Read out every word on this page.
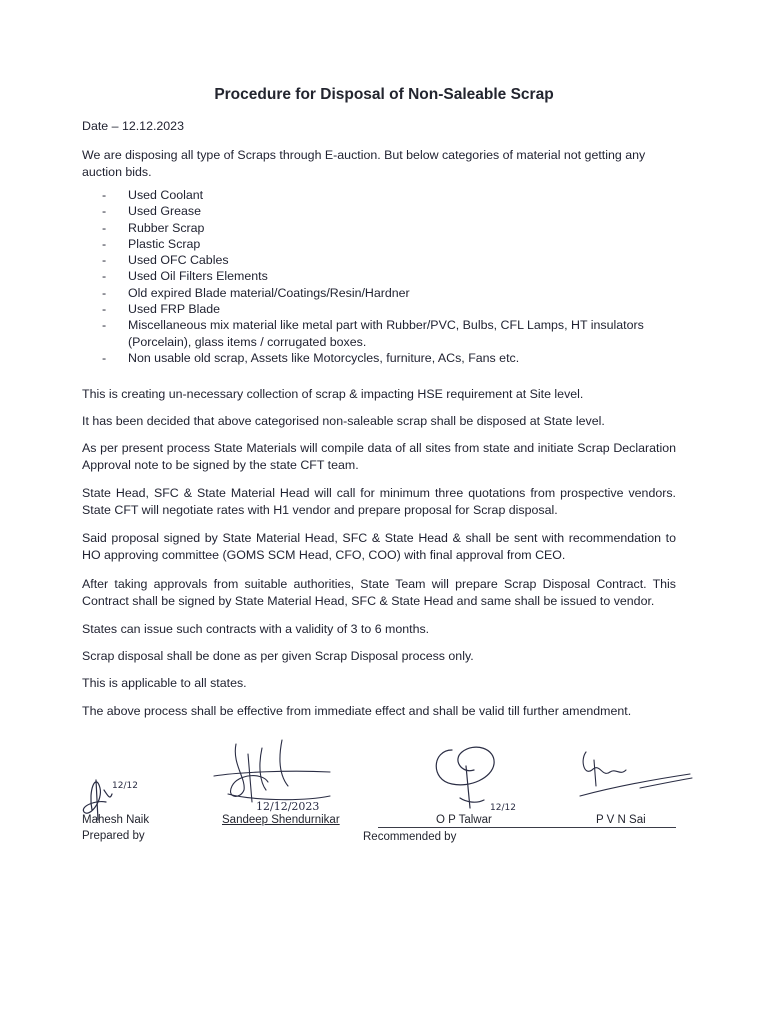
Procedure for Disposal of Non-Saleable Scrap
Date – 12.12.2023
We are disposing all type of Scraps through E-auction. But below categories of material not getting any auction bids.
- Used Coolant
- Used Grease
- Rubber Scrap
- Plastic Scrap
- Used OFC Cables
- Used Oil Filters Elements
- Old expired Blade material/Coatings/Resin/Hardner
- Used FRP Blade
- Miscellaneous mix material like metal part with Rubber/PVC, Bulbs, CFL Lamps, HT insulators (Porcelain), glass items / corrugated boxes.
- Non usable old scrap, Assets like Motorcycles, furniture, ACs, Fans etc.
This is creating un-necessary collection of scrap & impacting HSE requirement at Site level.
It has been decided that above categorised non-saleable scrap shall be disposed at State level.
As per present process State Materials will compile data of all sites from state and initiate Scrap Declaration Approval note to be signed by the state CFT team.
State Head, SFC & State Material Head will call for minimum three quotations from prospective vendors. State CFT will negotiate rates with H1 vendor and prepare proposal for Scrap disposal.
Said proposal signed by State Material Head, SFC & State Head & shall be sent with recommendation to HO approving committee (GOMS SCM Head, CFO, COO) with final approval from CEO.
After taking approvals from suitable authorities, State Team will prepare Scrap Disposal Contract. This Contract shall be signed by State Material Head, SFC & State Head and same shall be issued to vendor.
States can issue such contracts with a validity of 3 to 6 months.
Scrap disposal shall be done as per given Scrap Disposal process only.
This is applicable to all states.
The above process shall be effective from immediate effect and shall be valid till further amendment.
12/12
12/12/2023	12/12
Mahesh Naik
Prepared by
Sandeep Shendurnikar	O P Talwar	P V N Sai
Recommended by
